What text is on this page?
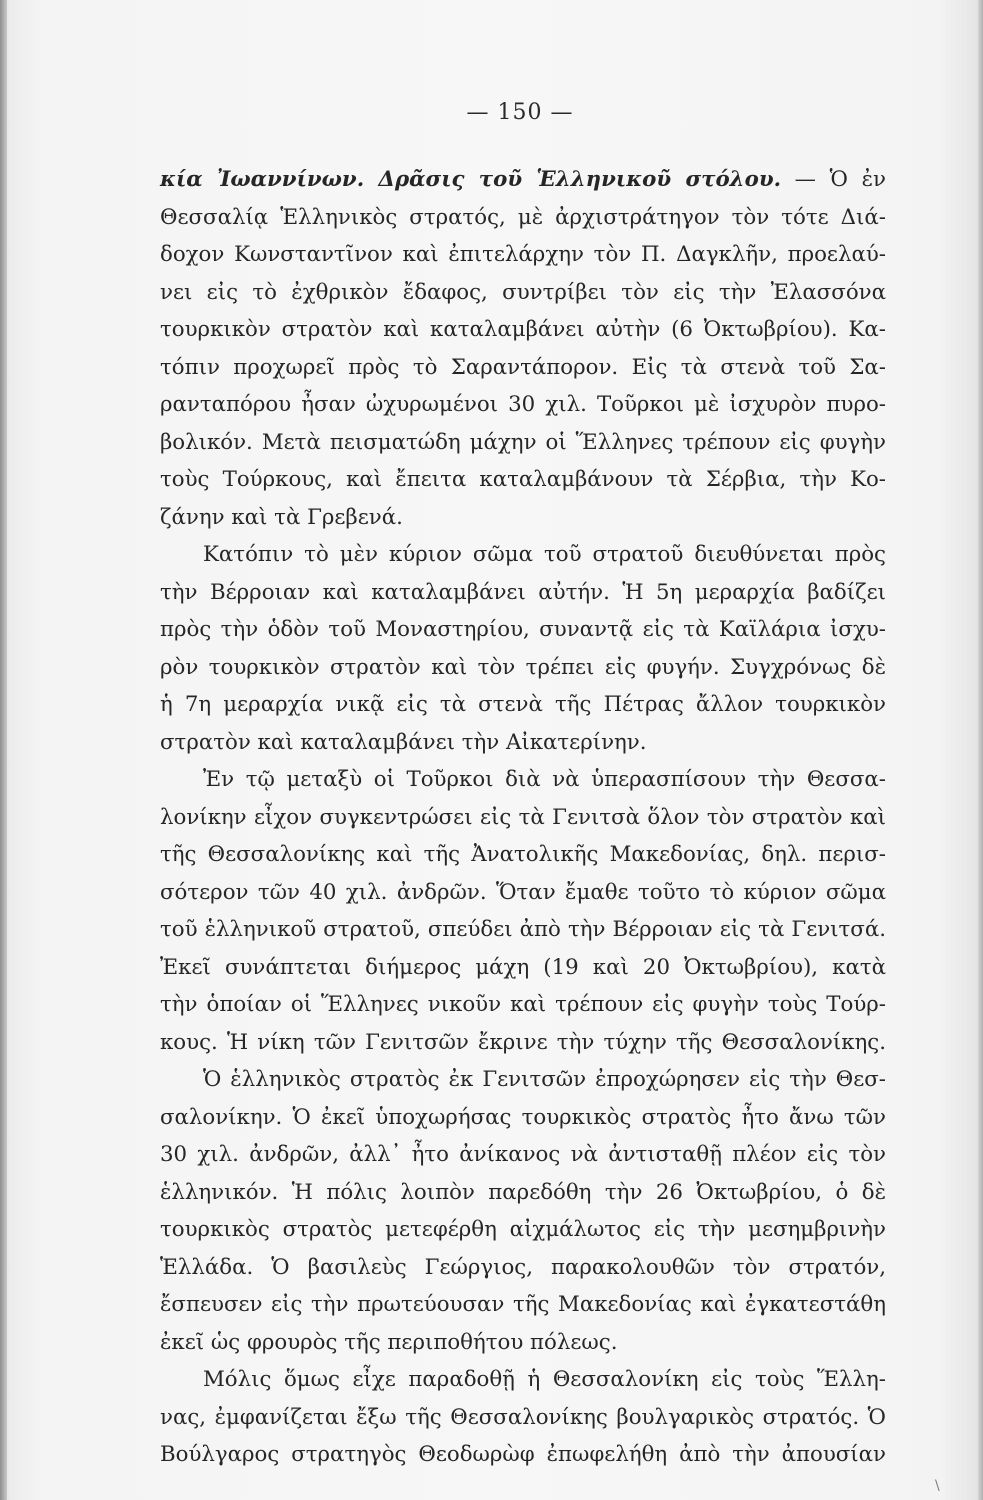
— 150 —
κία Ἰωαννίνων. Δρᾶσις τοῦ Ἑλληνικοῦ στόλου. — Ὁ ἐν
Θεσσαλίᾳ Ἑλληνικὸς στρατός, μὲ ἀρχιστράτηγον τὸν τότε Διά-
δοχον Κωνσταντῖνον καὶ ἐπιτελάρχην τὸν Π. Δαγκλῆν, προελαύ-
νει εἰς τὸ ἐχθρικὸν ἔδαφος, συντρίβει τὸν εἰς τὴν Ἐλασσόνα
τουρκικὸν στρατὸν καὶ καταλαμβάνει αὐτὴν (6 Ὀκτωβρίου). Κα-
τόπιν προχωρεῖ πρὸς τὸ Σαραντάπορον. Εἰς τὰ στενὰ τοῦ Σα-
ρανταπόρου ἦσαν ὠχυρωμένοι 30 χιλ. Τοῦρκοι μὲ ἰσχυρὸν πυρο-
βολικόν. Μετὰ πεισματώδη μάχην οἱ Ἕλληνες τρέπουν εἰς φυγὴν
τοὺς Τούρκους, καὶ ἔπειτα καταλαμβάνουν τὰ Σέρβια, τὴν Κο-
ζάνην καὶ τὰ Γρεβενά.
Κατόπιν τὸ μὲν κύριον σῶμα τοῦ στρατοῦ διευθύνεται πρὸς
τὴν Βέρροιαν καὶ καταλαμβάνει αὐτήν. Ἡ 5η μεραρχία βαδίζει
πρὸς τὴν ὁδὸν τοῦ Μοναστηρίου, συναντᾷ εἰς τὰ Καϊλάρια ἰσχυ-
ρὸν τουρκικὸν στρατὸν καὶ τὸν τρέπει εἰς φυγήν. Συγχρόνως δὲ
ἡ 7η μεραρχία νικᾷ εἰς τὰ στενὰ τῆς Πέτρας ἄλλον τουρκικὸν
στρατὸν καὶ καταλαμβάνει τὴν Αἰκατερίνην.
Ἐν τῷ μεταξὺ οἱ Τοῦρκοι διὰ νὰ ὑπερασπίσουν τὴν Θεσσα-
λονίκην εἶχον συγκεντρώσει εἰς τὰ Γενιτσὰ ὅλον τὸν στρατὸν καὶ
τῆς Θεσσαλονίκης καὶ τῆς Ἀνατολικῆς Μακεδονίας, δηλ. περισ-
σότερον τῶν 40 χιλ. ἀνδρῶν. Ὅταν ἔμαθε τοῦτο τὸ κύριον σῶμα
τοῦ ἑλληνικοῦ στρατοῦ, σπεύδει ἀπὸ τὴν Βέρροιαν εἰς τὰ Γενιτσά.
Ἐκεῖ συνάπτεται διήμερος μάχη (19 καὶ 20 Ὀκτωβρίου), κατὰ
τὴν ὁποίαν οἱ Ἕλληνες νικοῦν καὶ τρέπουν εἰς φυγὴν τοὺς Τούρ-
κους. Ἡ νίκη τῶν Γενιτσῶν ἔκρινε τὴν τύχην τῆς Θεσσαλονίκης.
Ὁ ἑλληνικὸς στρατὸς ἐκ Γενιτσῶν ἐπροχώρησεν εἰς τὴν Θεσ-
σαλονίκην. Ὁ ἐκεῖ ὑποχωρήσας τουρκικὸς στρατὸς ἦτο ἄνω τῶν
30 χιλ. ἀνδρῶν, ἀλλ᾿ ἦτο ἀνίκανος νὰ ἀντισταθῇ πλέον εἰς τὸν
ἑλληνικόν. Ἡ πόλις λοιπὸν παρεδόθη τὴν 26 Ὀκτωβρίου, ὁ δὲ
τουρκικὸς στρατὸς μετεφέρθη αἰχμάλωτος εἰς τὴν μεσημβρινὴν
Ἑλλάδα. Ὁ βασιλεὺς Γεώργιος, παρακολουθῶν τὸν στρατόν,
ἔσπευσεν εἰς τὴν πρωτεύουσαν τῆς Μακεδονίας καὶ ἐγκατεστάθη
ἐκεῖ ὡς φρουρὸς τῆς περιποθήτου πόλεως.
Μόλις ὅμως εἶχε παραδοθῇ ἡ Θεσσαλονίκη εἰς τοὺς Ἕλλη-
νας, ἐμφανίζεται ἔξω τῆς Θεσσαλονίκης βουλγαρικὸς στρατός. Ὁ
Βούλγαρος στρατηγὸς Θεοδωρὼφ ἐπωφελήθη ἀπὸ τὴν ἀπουσίαν
\
